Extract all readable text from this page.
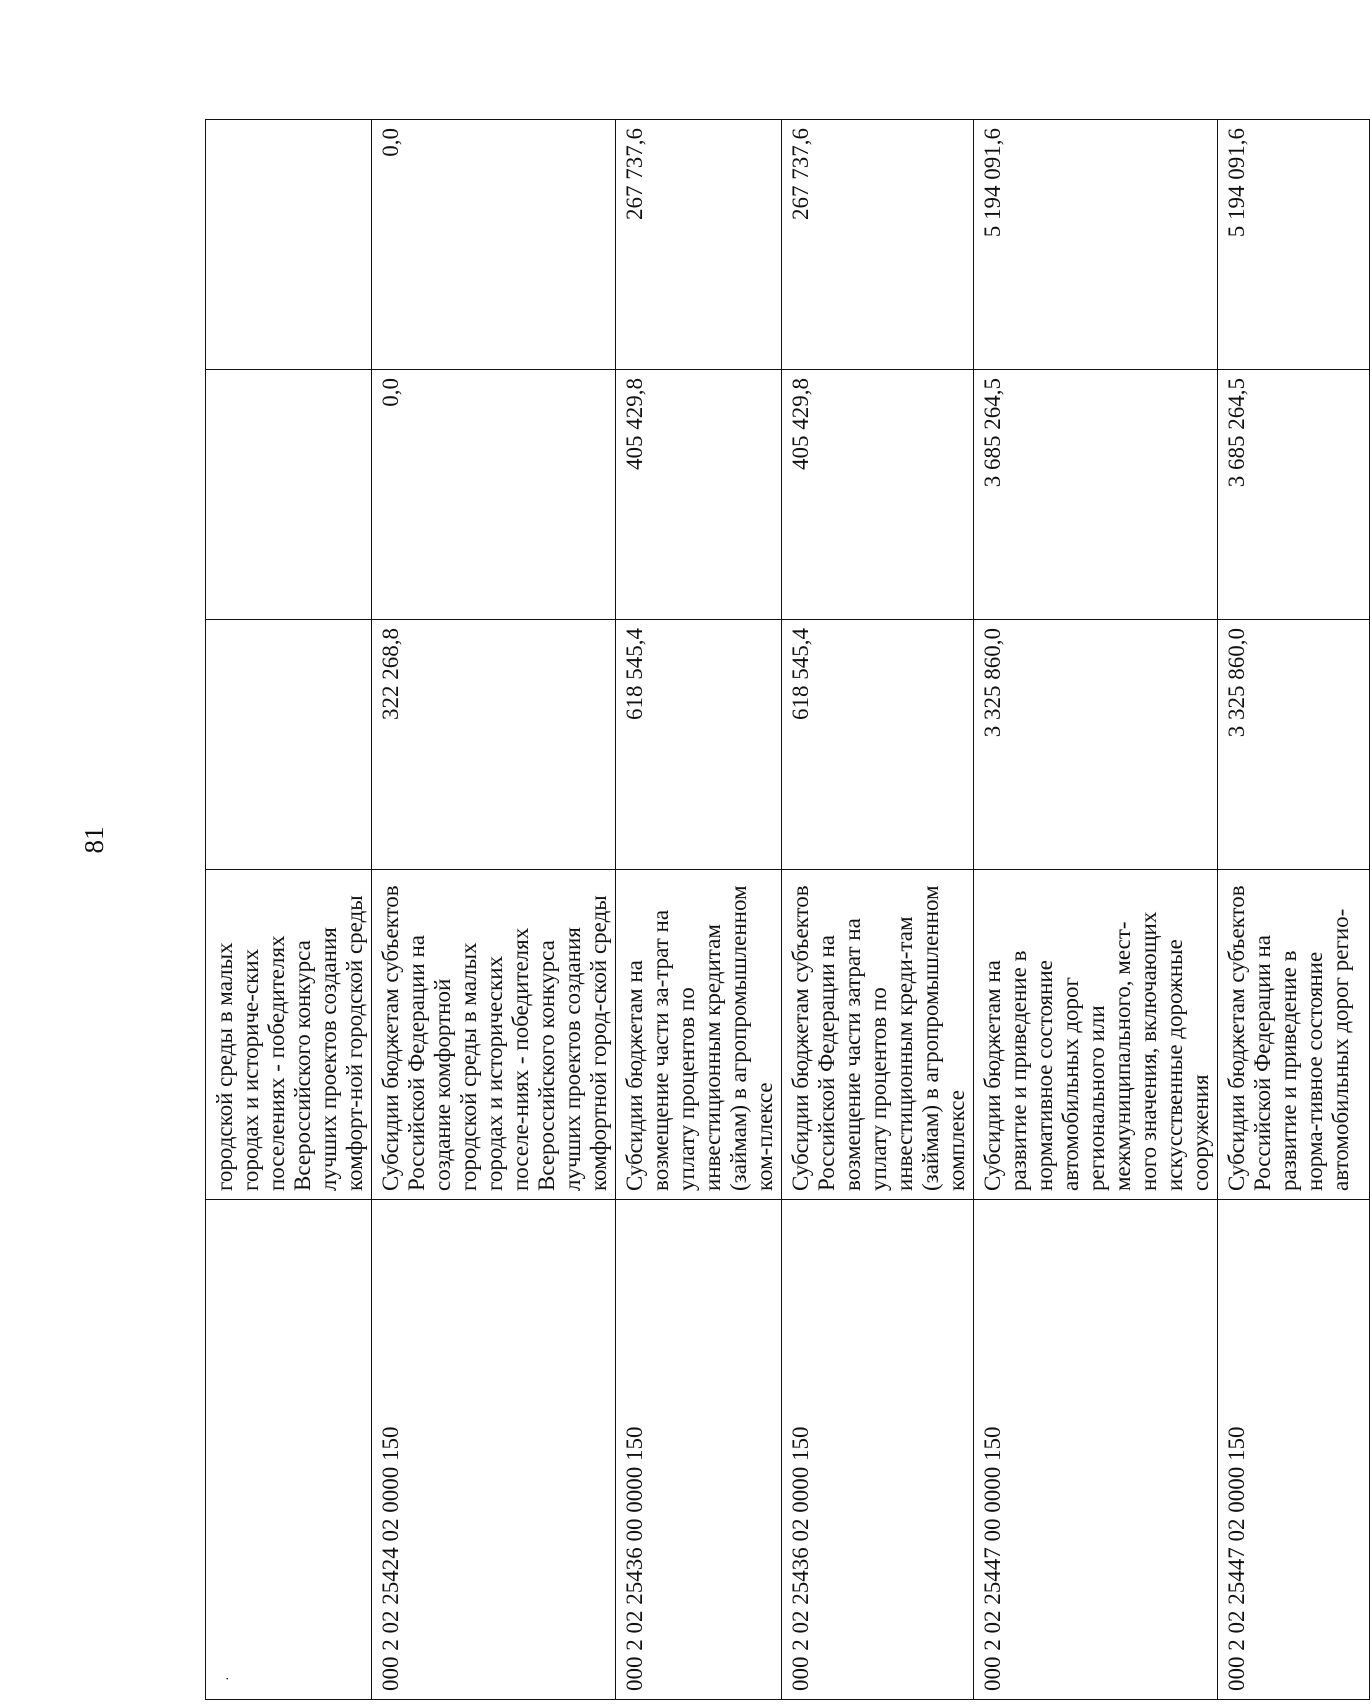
81
·	городской среды в малых городах и историче-ских поселениях - победителях Всероссийского конкурса лучших проектов создания комфорт-ной городской среды			
000 2 02 25424 02 0000 150	Субсидии бюджетам субъектов Российской Федерации на создание комфортной городской среды в малых городах и исторических поселе-ниях - победителях Всероссийского конкурса лучших проектов создания комфортной город-ской среды	322 268,8	0,0	0,0
000 2 02 25436 00 0000 150	Субсидии бюджетам на возмещение части за-трат на уплату процентов по инвестиционным кредитам (займам) в агропромышленном ком-плексе	618 545,4	405 429,8	267 737,6
000 2 02 25436 02 0000 150	Субсидии бюджетам субъектов Российской Федерации на возмещение части затрат на уплату процентов по инвестиционным креди-там (займам) в агропромышленном комплексе	618 545,4	405 429,8	267 737,6
000 2 02 25447 00 0000 150	Субсидии бюджетам на развитие и приведение в нормативное состояние автомобильных дорог регионального или межмуниципального, мест-ного значения, включающих искусственные дорожные сооружения	3 325 860,0	3 685 264,5	5 194 091,6
000 2 02 25447 02 0000 150	Субсидии бюджетам субъектов Российской Федерации на развитие и приведение в норма-тивное состояние автомобильных дорог регио-	3 325 860,0	3 685 264,5	5 194 091,6
